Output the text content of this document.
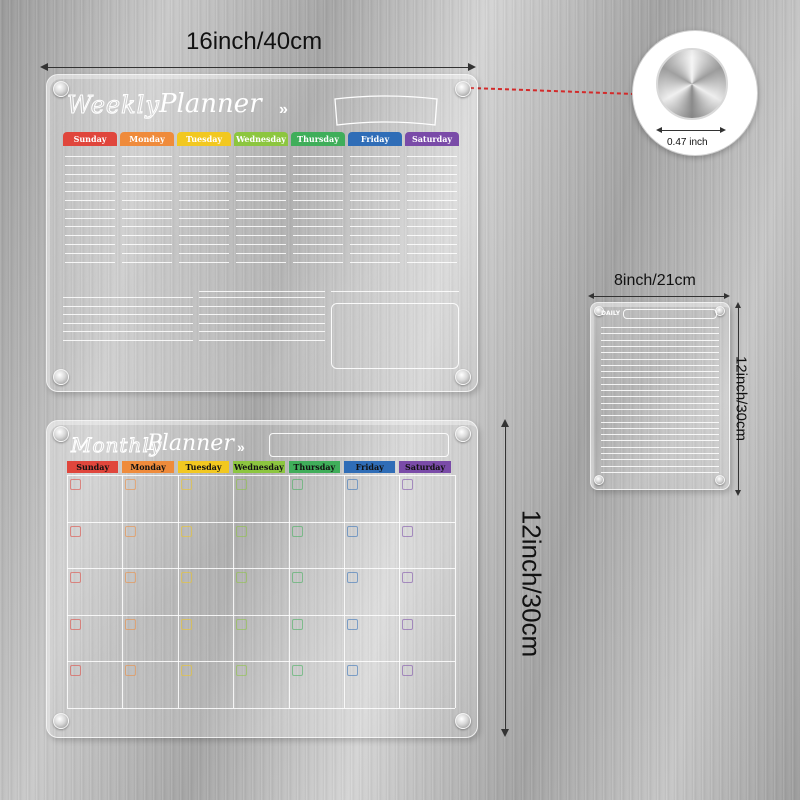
16inch/40cm
0.47 inch
Weekly Planner »
Sunday	Monday	Tuesday	Wednesday	Thursday	Friday	Saturday
Monthly
Planner »
Sunday	Monday	Tuesday	Wednesday	Thursday	Friday	Saturday
12inch/30cm
8inch/21cm
DAILY
12inch/30cm
